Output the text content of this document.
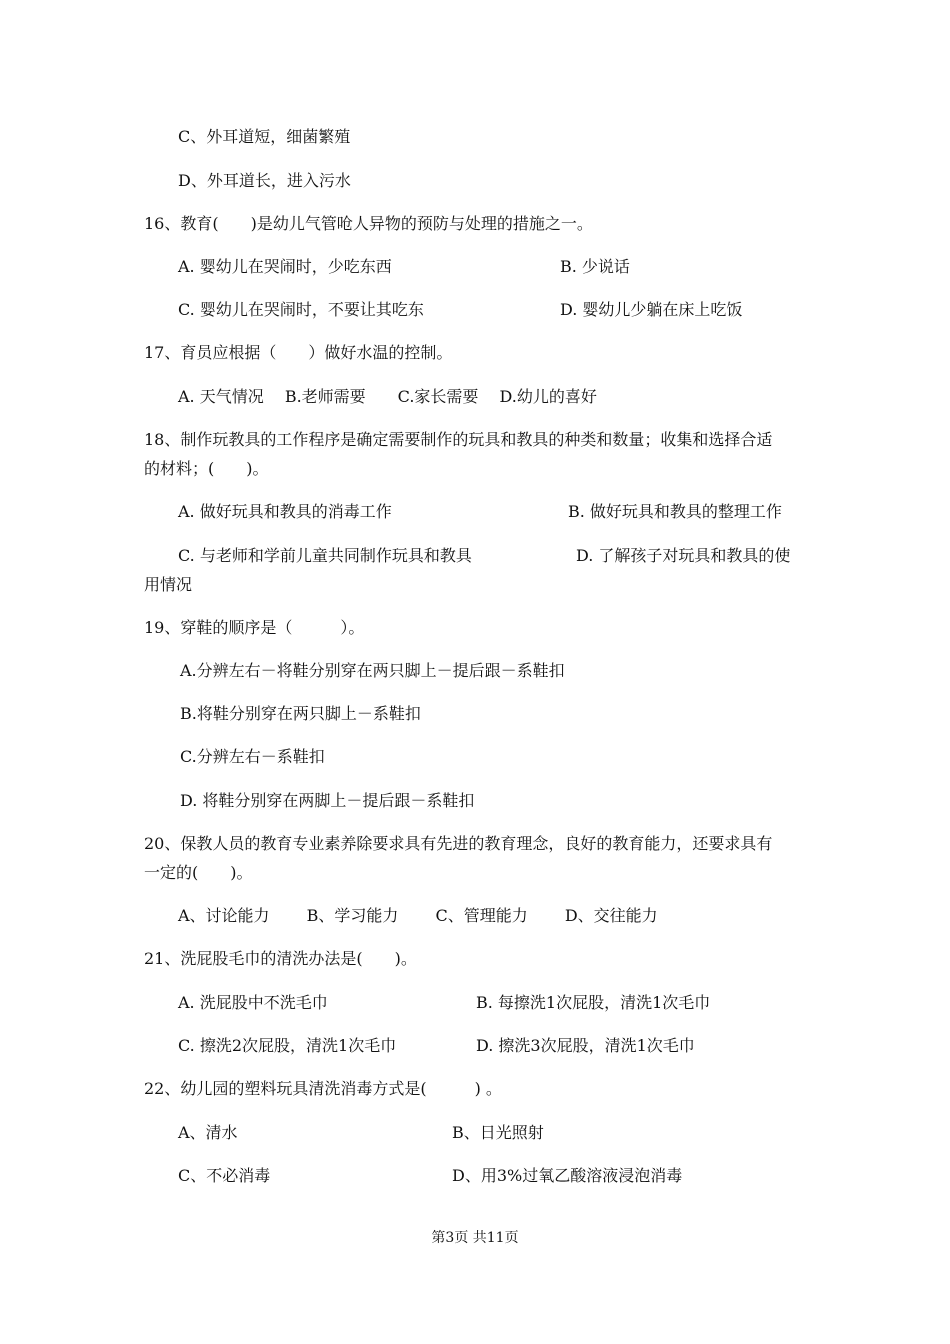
C、外耳道短，细菌繁殖
D、外耳道长，进入污水
16、教育(　　)是幼儿气管呛人异物的预防与处理的措施之一。
A. 婴幼儿在哭闹时，少吃东西	B. 少说话
C. 婴幼儿在哭闹时，不要让其吃东	D. 婴幼儿少躺在床上吃饭
17、育员应根据（　　）做好水温的控制。
A. 天气情况　 B.老师需要　　C.家长需要　 D.幼儿的喜好
18、制作玩教具的工作程序是确定需要制作的玩具和教具的种类和数量；收集和选择合适
的材料；(　　)。
A. 做好玩具和教具的消毒工作	B. 做好玩具和教具的整理工作
C. 与老师和学前儿童共同制作玩具和教具	D. 了解孩子对玩具和教具的使
用情况
19、穿鞋的顺序是（　　　）。
A.分辨左右－将鞋分别穿在两只脚上－提后跟－系鞋扣
B.将鞋分别穿在两只脚上－系鞋扣
C.分辨左右－系鞋扣
D. 将鞋分别穿在两脚上－提后跟－系鞋扣
20、保教人员的教育专业素养除要求具有先进的教育理念，良好的教育能力，还要求具有
一定的(　　)。
A、讨论能力　　 B、学习能力　　 C、管理能力　　 D、交往能力
21、洗屁股毛巾的清洗办法是(　　)。
A. 洗屁股中不洗毛巾	B. 每擦洗1次屁股，清洗1次毛巾
C. 擦洗2次屁股，清洗1次毛巾	D. 擦洗3次屁股，清洗1次毛巾
22、幼儿园的塑料玩具清洗消毒方式是(　　　) 。
A、清水	B、日光照射
C、不必消毒	D、用3%过氧乙酸溶液浸泡消毒
第3页 共11页
